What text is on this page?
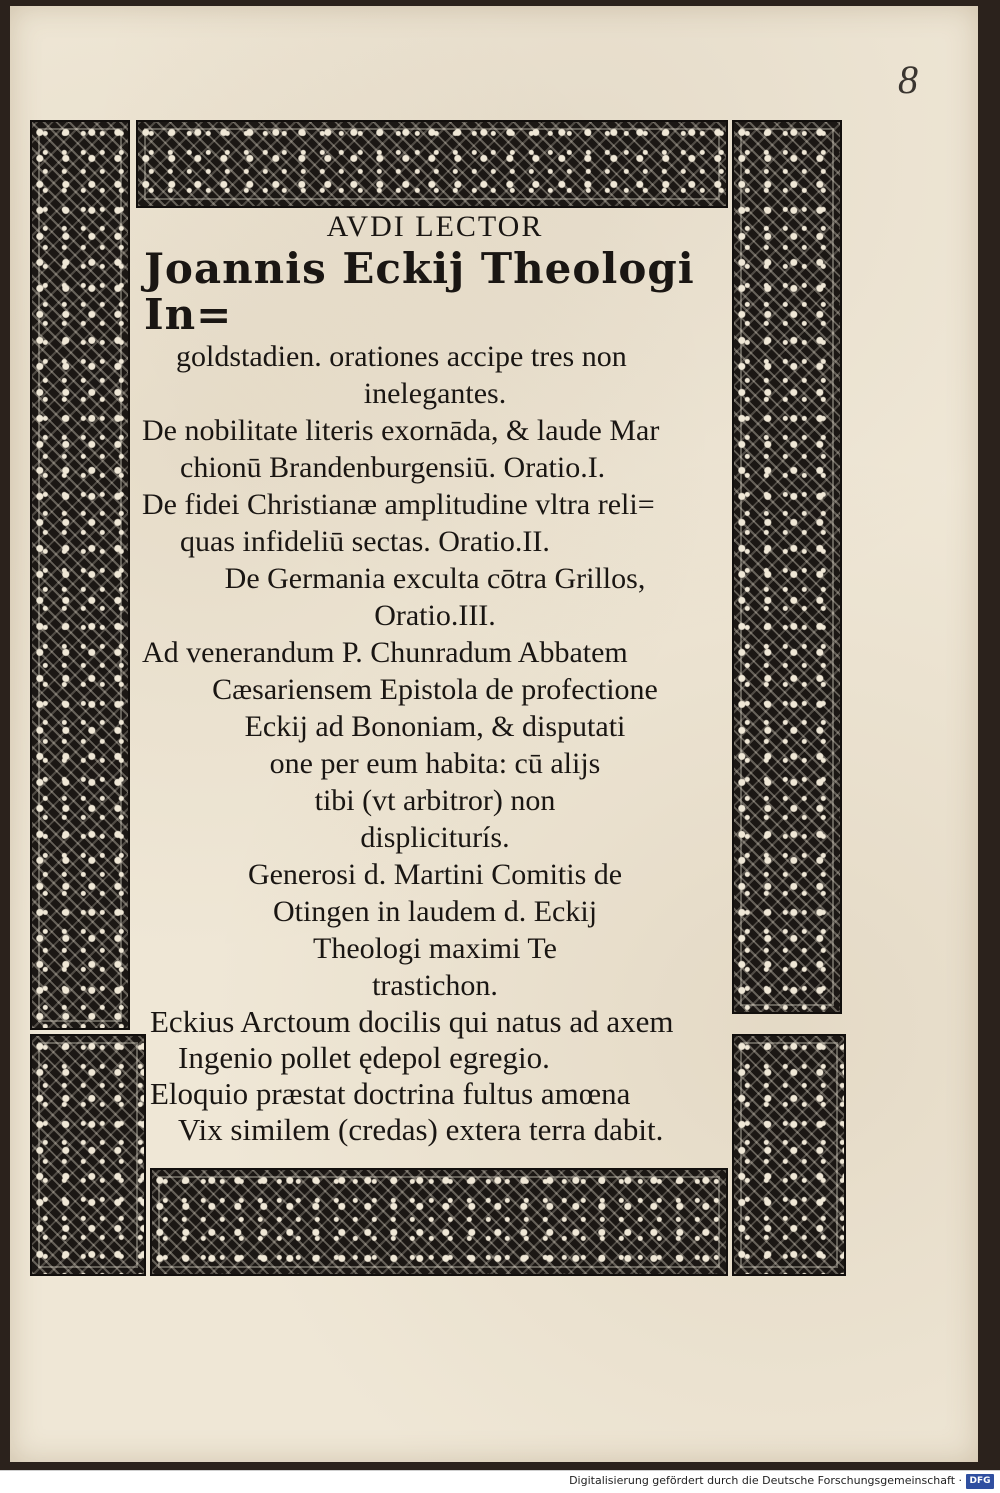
8
AVDI LECTOR
Joannis Eckij Theologi In=
goldstadien. orationes accipe tres non
inelegantes.
De nobilitate literis exornāda, & laude Mar
chionū Brandenburgensiū. Oratio.I.
De fidei Christianæ amplitudine vltra reli=
quas infideliū sectas. Oratio.II.
De Germania exculta cōtra Grillos,
Oratio.III.
Ad venerandum P. Chunradum Abbatem
Cæsariensem Epistola de profectione
Eckij ad Bononiam, & disputati
one per eum habita: cū alijs
tibi (vt arbitror) non
displiciturís.
Generosi d. Martini Comitis de
Otingen in laudem d. Eckij
Theologi maximi Te
trastichon.
Eckius Arctoum docilis qui natus ad axem
Ingenio pollet ędepol egregio.
Eloquio præstat doctrina fultus amœna
Vix similem (credas) extera terra dabit.
Digitalisierung gefördert durch die Deutsche Forschungsgemeinschaft · DFG
